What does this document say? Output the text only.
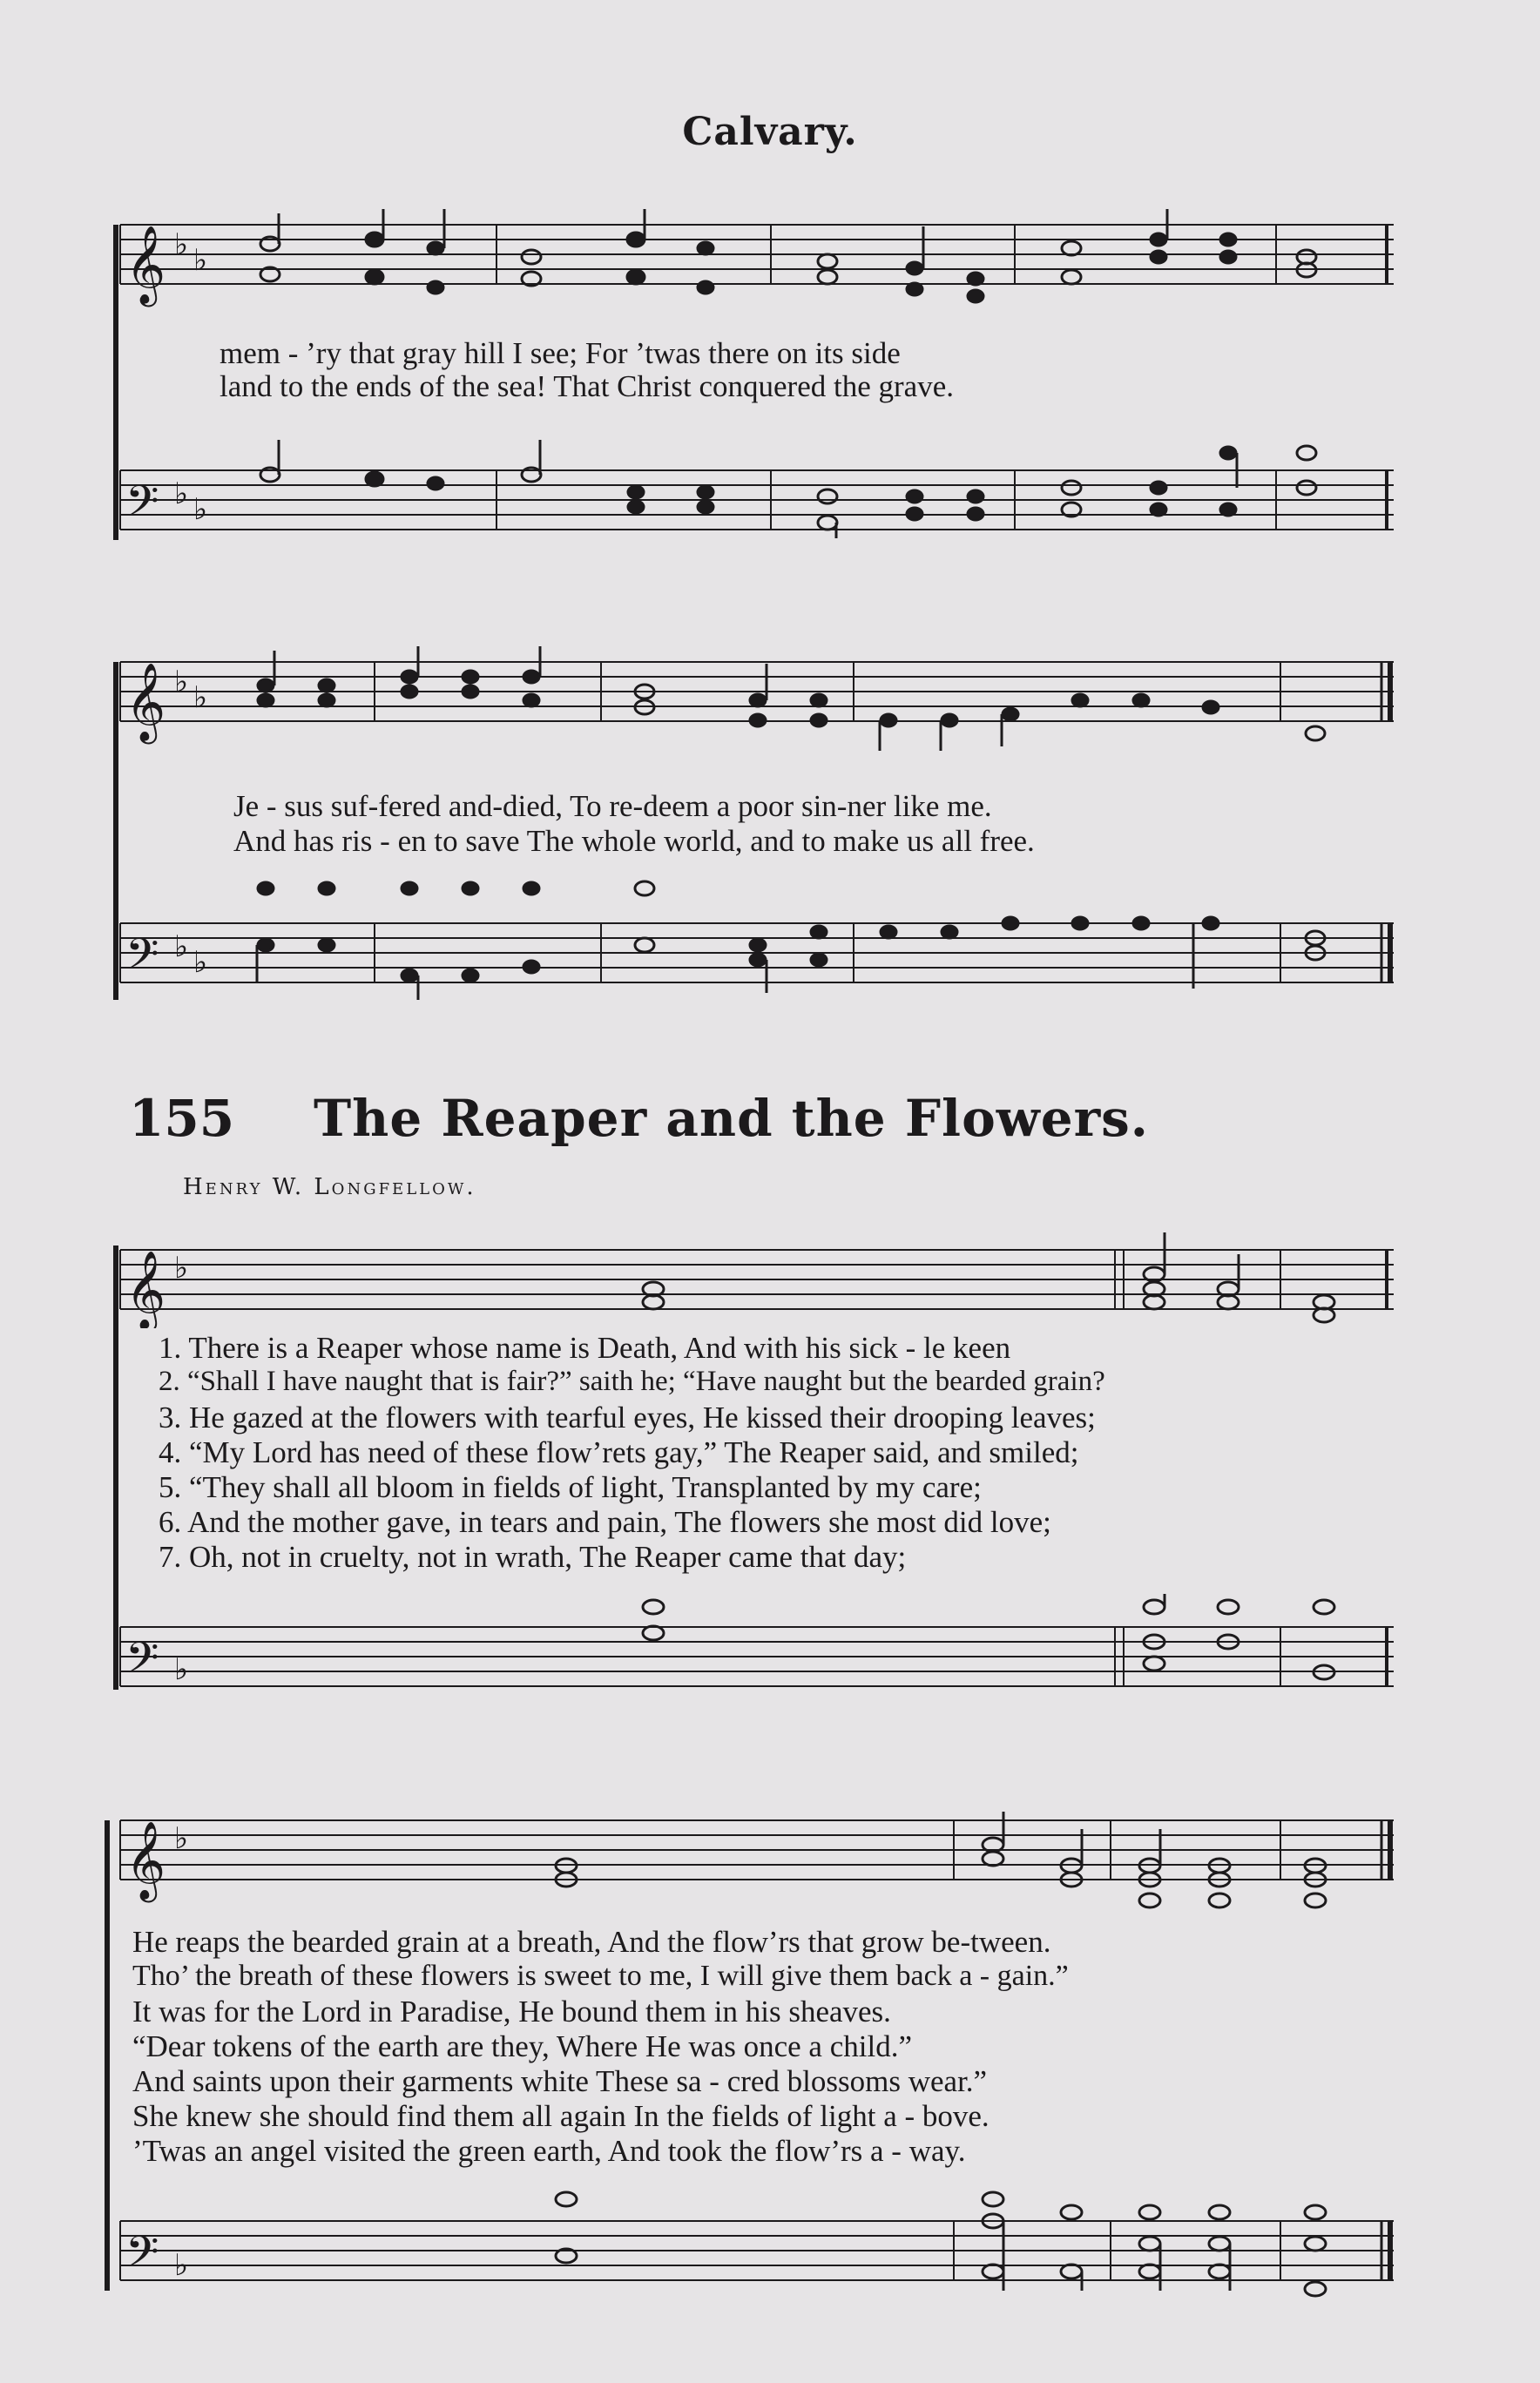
Calvary.
𝄞 ♭ ♭
mem - ’ry that gray hill I see; For ’twas there on its side
land to the ends of the sea! That Christ conquered the grave.
𝄢 ♭ ♭
𝄞 ♭ ♭
Je - sus suf-fered and-died, To re-deem a poor sin-ner like me.
And has ris - en to save The whole world, and to make us all free.
𝄢 ♭ ♭
155 The Reaper and the Flowers.
Henry W. Longfellow.
𝄞 ♭
1. There is a Reaper whose name is Death, And with his sick - le keen
2. “Shall I have naught that is fair?” saith he; “Have naught but the bearded grain?
3. He gazed at the flowers with tearful eyes, He kissed their drooping leaves;
4. “My Lord has need of these flow’rets gay,” The Reaper said, and smiled;
5. “They shall all bloom in fields of light, Transplanted by my care;
6. And the mother gave, in tears and pain, The flowers she most did love;
7. Oh, not in cruelty, not in wrath, The Reaper came that day;
𝄢 ♭
𝄞 ♭
He reaps the bearded grain at a breath, And the flow’rs that grow be-tween.
Tho’ the breath of these flowers is sweet to me, I will give them back a - gain.”
It was for the Lord in Paradise, He bound them in his sheaves.
“Dear tokens of the earth are they, Where He was once a child.”
And saints upon their garments white These sa - cred blossoms wear.”
She knew she should find them all again In the fields of light a - bove.
’Twas an angel visited the green earth, And took the flow’rs a - way.
𝄢 ♭
